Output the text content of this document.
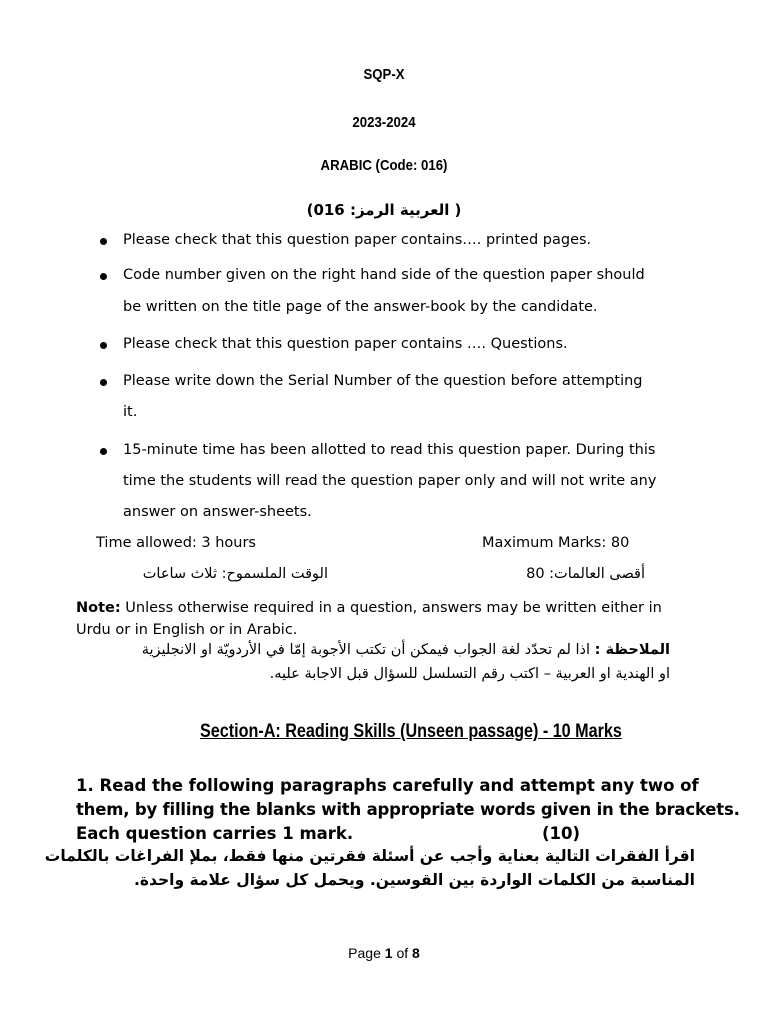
SQP-X
2023-2024
ARABIC (Code: 016)
( العربية الرمز: 016)
Please check that this question paper contains…. printed pages.
Code number given on the right hand side of the question paper should
be written on the title page of the answer-book by the candidate.
Please check that this question paper contains …. Questions.
Please write down the Serial Number of the question before attempting
it.
15-minute time has been allotted to read this question paper. During this
time the students will read the question paper only and will not write any
answer on answer-sheets.
Time allowed: 3 hours	Maximum Marks: 80
الوقت الملسموح: ثلاث ساعات	أقصى العالمات: 80
Note: Unless otherwise required in a question, answers may be written either in
Urdu or in English or in Arabic.
الملاحظة : اذا لم تحدّد لغة الجواب فيمكن أن تكتب الأجوبة إمّا في الأردويّة او الانجليزية
او الهندية او العربية – اكتب رقم التسلسل للسؤال قبل الاجابة عليه.
Section-A: Reading Skills (Unseen passage) - 10 Marks
1. Read the following paragraphs carefully and attempt any two of
them, by filling the blanks with appropriate words given in the brackets.
Each question carries 1 mark.	(10)
اقرأ الفقرات التالية بعناية وأجب عن أسئلة فقرتين منها فقط، بملإ الفراغات بالكلمات
المناسبة من الكلمات الواردة بين القوسين. ويحمل كل سؤال علامة واحدة.
Page 1 of 8
